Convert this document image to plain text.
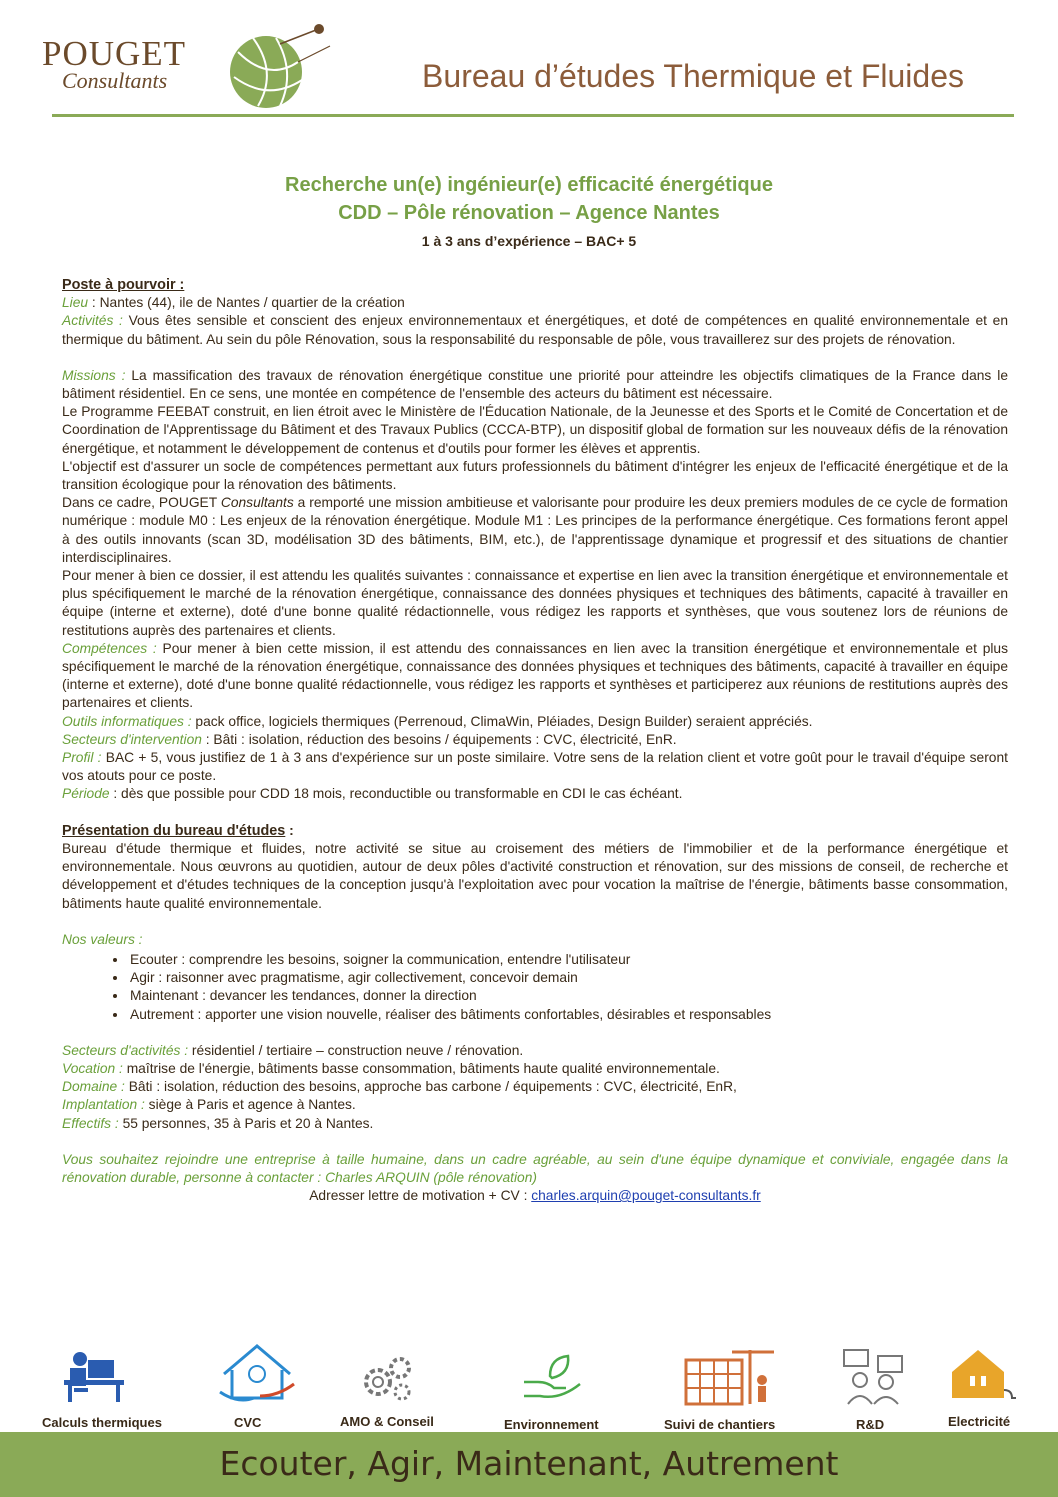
POUGET
Consultants	Bureau d’études Thermique et Fluides
Recherche un(e) ingénieur(e) efficacité énergétique
CDD – Pôle rénovation – Agence Nantes
1 à 3 ans d’expérience – BAC+ 5
Poste à pourvoir :

Lieu : Nantes (44), ile de Nantes / quartier de la création

Activités : Vous êtes sensible et conscient des enjeux environnementaux et énergétiques, et doté de compétences en qualité environnementale et en thermique du bâtiment. Au sein du pôle Rénovation, sous la responsabilité du responsable de pôle, vous travaillerez sur des projets de rénovation.

Missions : La massification des travaux de rénovation énergétique constitue une priorité pour atteindre les objectifs climatiques de la France dans le bâtiment résidentiel. En ce sens, une montée en compétence de l'ensemble des acteurs du bâtiment est nécessaire.

Le Programme FEEBAT construit, en lien étroit avec le Ministère de l'Éducation Nationale, de la Jeunesse et des Sports et le Comité de Concertation et de Coordination de l'Apprentissage du Bâtiment et des Travaux Publics (CCCA-BTP), un dispositif global de formation sur les nouveaux défis de la rénovation énergétique, et notamment le développement de contenus et d'outils pour former les élèves et apprentis.

L'objectif est d'assurer un socle de compétences permettant aux futurs professionnels du bâtiment d'intégrer les enjeux de l'efficacité énergétique et de la transition écologique pour la rénovation des bâtiments.

Dans ce cadre, POUGET Consultants a remporté une mission ambitieuse et valorisante pour produire les deux premiers modules de ce cycle de formation numérique : module M0 : Les enjeux de la rénovation énergétique. Module M1 : Les principes de la performance énergétique. Ces formations feront appel à des outils innovants (scan 3D, modélisation 3D des bâtiments, BIM, etc.), de l'apprentissage dynamique et progressif et des situations de chantier interdisciplinaires.

Pour mener à bien ce dossier, il est attendu les qualités suivantes : connaissance et expertise en lien avec la transition énergétique et environnementale et plus spécifiquement le marché de la rénovation énergétique, connaissance des données physiques et techniques des bâtiments, capacité à travailler en équipe (interne et externe), doté d'une bonne qualité rédactionnelle, vous rédigez les rapports et synthèses, que vous soutenez lors de réunions de restitutions auprès des partenaires et clients.

Compétences : Pour mener à bien cette mission, il est attendu des connaissances en lien avec la transition énergétique et environnementale et plus spécifiquement le marché de la rénovation énergétique, connaissance des données physiques et techniques des bâtiments, capacité à travailler en équipe (interne et externe), doté d'une bonne qualité rédactionnelle, vous rédigez les rapports et synthèses et participerez aux réunions de restitutions auprès des partenaires et clients.

Outils informatiques : pack office, logiciels thermiques (Perrenoud, ClimaWin, Pléiades, Design Builder) seraient appréciés.

Secteurs d'intervention : Bâti : isolation, réduction des besoins / équipements : CVC, électricité, EnR.

Profil : BAC + 5, vous justifiez de 1 à 3 ans d'expérience sur un poste similaire. Votre sens de la relation client et votre goût pour le travail d'équipe seront vos atouts pour ce poste.

Période : dès que possible pour CDD 18 mois, reconductible ou transformable en CDI le cas échéant.

Présentation du bureau d'études :

Bureau d'étude thermique et fluides, notre activité se situe au croisement des métiers de l'immobilier et de la performance énergétique et environnementale. Nous œuvrons au quotidien, autour de deux pôles d'activité construction et rénovation, sur des missions de conseil, de recherche et développement et d'études techniques de la conception jusqu'à l'exploitation avec pour vocation la maîtrise de l'énergie, bâtiments basse consommation, bâtiments haute qualité environnementale.

Nos valeurs :

• Ecouter : comprendre les besoins, soigner la communication, entendre l'utilisateur
• Agir : raisonner avec pragmatisme, agir collectivement, concevoir demain
• Maintenant : devancer les tendances, donner la direction
• Autrement : apporter une vision nouvelle, réaliser des bâtiments confortables, désirables et responsables

Secteurs d'activités : résidentiel / tertiaire – construction neuve / rénovation.

Vocation : maîtrise de l'énergie, bâtiments basse consommation, bâtiments haute qualité environnementale.

Domaine : Bâti : isolation, réduction des besoins, approche bas carbone / équipements : CVC, électricité, EnR,

Implantation : siège à Paris et agence à Nantes.

Effectifs : 55 personnes, 35 à Paris et 20 à Nantes.

Vous souhaitez rejoindre une entreprise à taille humaine, dans un cadre agréable, au sein d'une équipe dynamique et conviviale, engagée dans la rénovation durable, personne à contacter : Charles ARQUIN (pôle rénovation)

Adresser lettre de motivation + CV : charles.arquin@pouget-consultants.fr

Calculs thermiques	CVC	AMO & Conseil	Environnement	Suivi de chantiers	R&D	Electricité
Ecouter, Agir, Maintenant, Autrement
